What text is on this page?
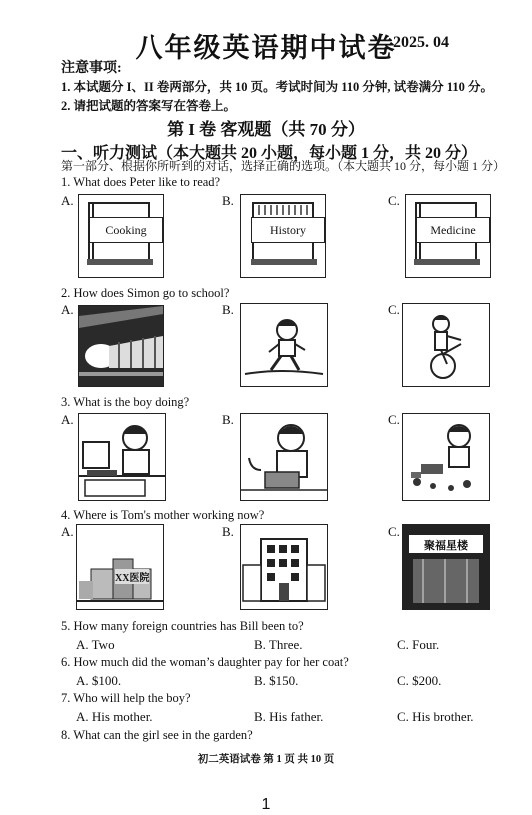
八年级英语期中试卷
2025. 04
注意事项:
1. 本试题分 I、II 卷两部分，共 10 页。考试时间为 110 分钟, 试卷满分 110 分。
2. 请把试题的答案写在答卷上。
第 I 卷 客观题（共 70 分）
一、听力测试（本大题共 20 小题，每小题 1 分，共 20 分）
第一部分、根据你所听到的对话，选择正确的选项。（本大题共 10 分，每小题 1 分）
1. What does Peter like to read?
A.	B.	C.
Cooking	History	Medicine
2. How does Simon go to school?
A.	B.	C.
3. What is the boy doing?
A.	B.	C.
4. Where is Tom's mother working now?
A.	B.	C.
XX医院
聚福星楼
5. How many foreign countries has Bill been to?
A. Two	B. Three.	C. Four.
6. How much did the woman’s daughter pay for her coat?
A. $100.	B. $150.	C. $200.
7. Who will help the boy?
A. His mother.	B. His father.	C. His brother.
8. What can the girl see in the garden?
初二英语试卷 第 1 页 共 10 页
1
